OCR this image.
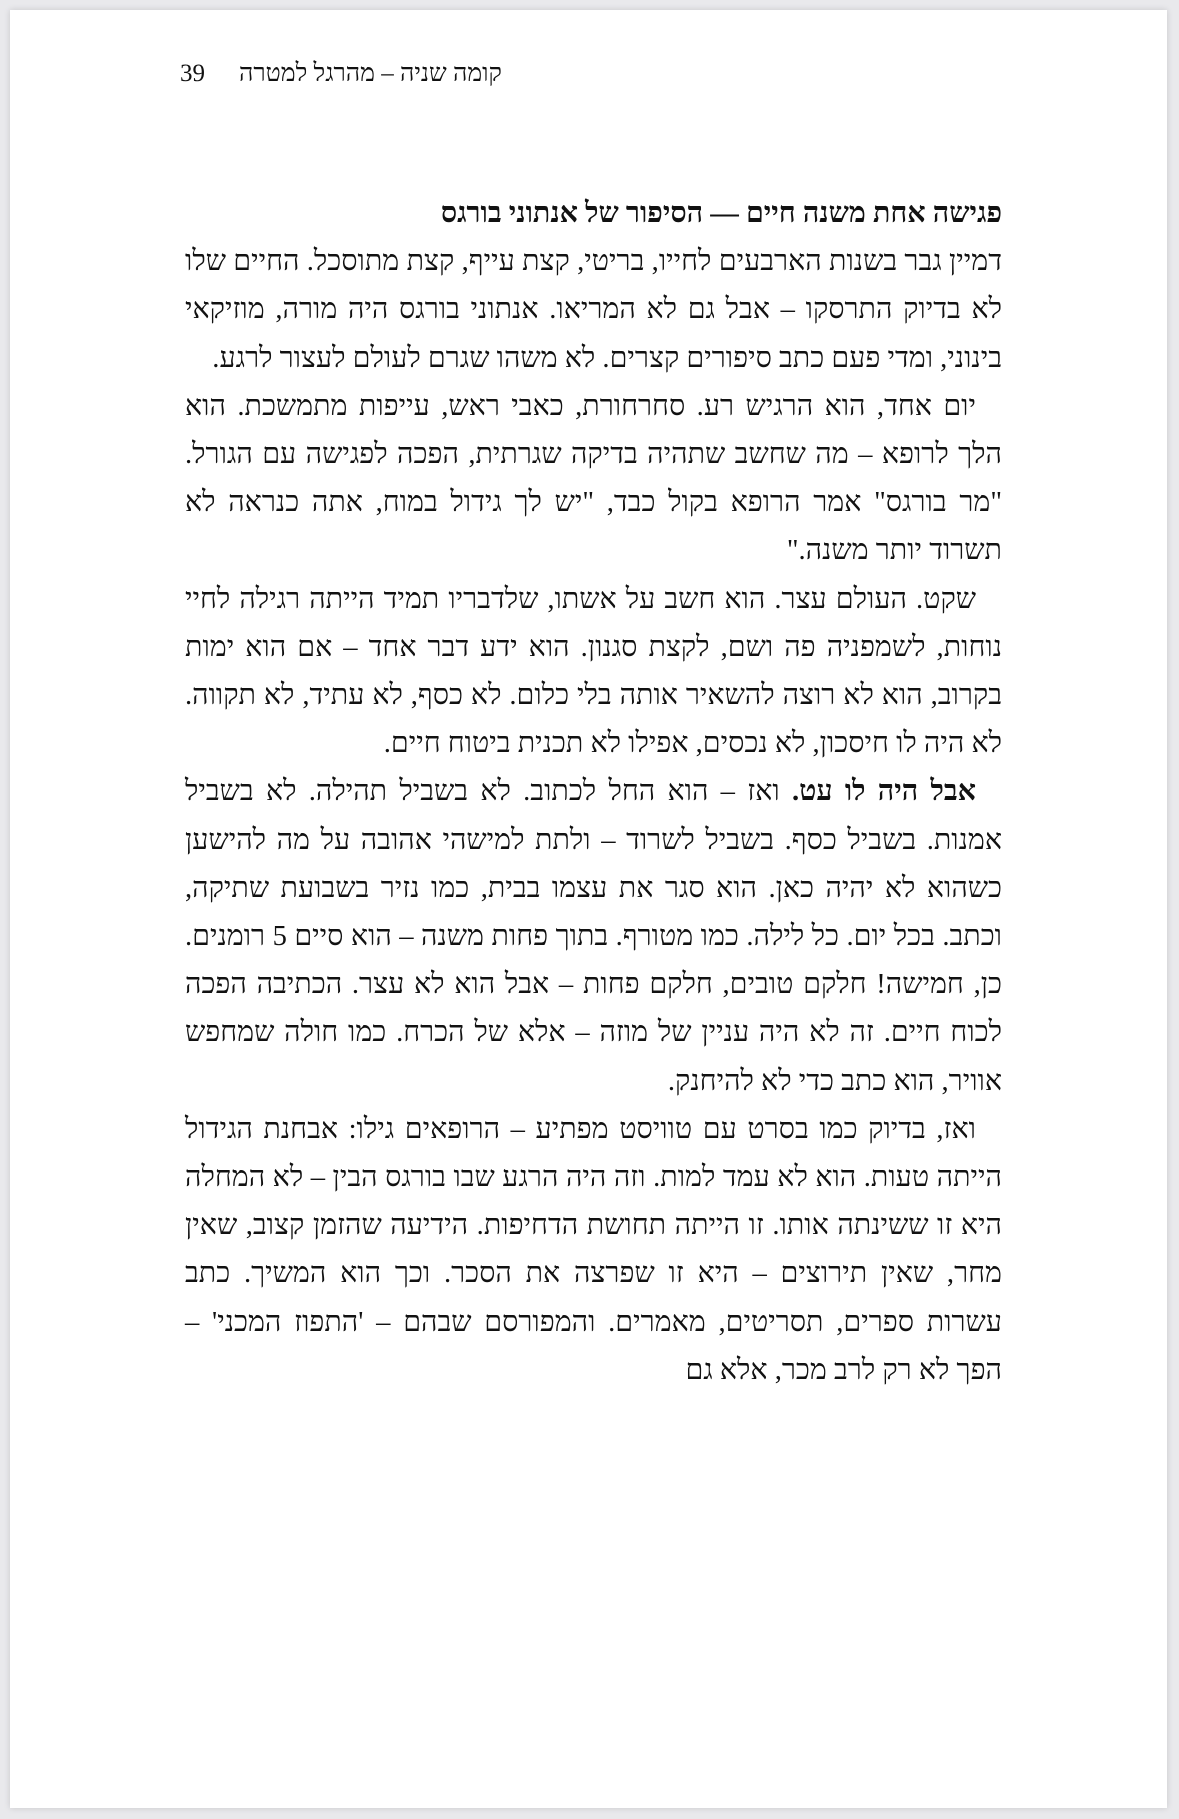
39 קומה שניה – מהרגל למטרה

פגישה אחת משנה חיים — הסיפור של אנתוני בורגס

דמיין גבר בשנות הארבעים לחייו, בריטי, קצת עייף, קצת מתוסכל. החיים שלו לא בדיוק התרסקו – אבל גם לא המריאו. אנתוני בורגס היה מורה, מוזיקאי בינוני, ומדי פעם כתב סיפורים קצרים. לא משהו שגרם לעולם לעצור לרגע.

יום אחד, הוא הרגיש רע. סחרחורת, כאבי ראש, עייפות מתמשכת. הוא הלך לרופא – מה שחשב שתהיה בדיקה שגרתית, הפכה לפגישה עם הגורל. "מר בורגס" אמר הרופא בקול כבד, "יש לך גידול במוח, אתה כנראה לא תשרוד יותר משנה."

שקט. העולם עצר. הוא חשב על אשתו, שלדבריו תמיד הייתה רגילה לחיי נוחות, לשמפניה פה ושם, לקצת סגנון. הוא ידע דבר אחד – אם הוא ימות בקרוב, הוא לא רוצה להשאיר אותה בלי כלום. לא כסף, לא עתיד, לא תקווה. לא היה לו חיסכון, לא נכסים, אפילו לא תכנית ביטוח חיים.

אבל היה לו עט. ואז – הוא החל לכתוב. לא בשביל תהילה. לא בשביל אמנות. בשביל כסף. בשביל לשרוד – ולתת למישהי אהובה על מה להישען כשהוא לא יהיה כאן. הוא סגר את עצמו בבית, כמו נזיר בשבועת שתיקה, וכתב. בכל יום. כל לילה. כמו מטורף. בתוך פחות משנה – הוא סיים 5 רומנים. כן, חמישה! חלקם טובים, חלקם פחות – אבל הוא לא עצר. הכתיבה הפכה לכוח חיים. זה לא היה עניין של מוזה – אלא של הכרח. כמו חולה שמחפש אוויר, הוא כתב כדי לא להיחנק.

ואז, בדיוק כמו בסרט עם טוויסט מפתיע – הרופאים גילו: אבחנת הגידול הייתה טעות. הוא לא עמד למות. וזה היה הרגע שבו בורגס הבין – לא המחלה היא זו ששינתה אותו. זו הייתה תחושת הדחיפות. הידיעה שהזמן קצוב, שאין מחר, שאין תירוצים – היא זו שפרצה את הסכר. וכך הוא המשיך. כתב עשרות ספרים, תסריטים, מאמרים. והמפורסם שבהם – 'התפוז המכני' – הפך לא רק לרב מכר, אלא גם
